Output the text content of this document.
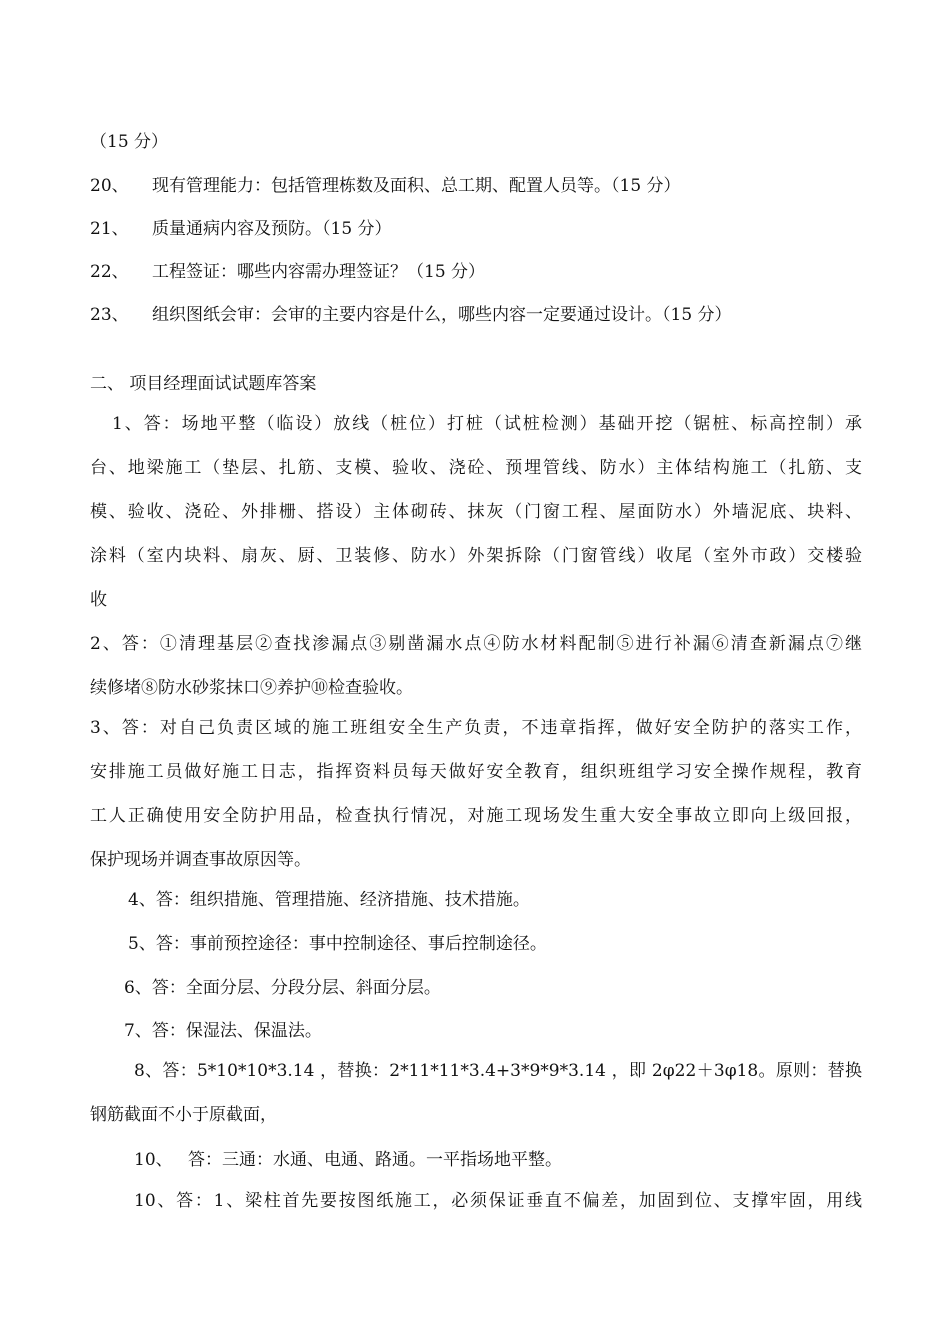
（15 分）
20、 现有管理能力：包括管理栋数及面积、总工期、配置人员等。（15 分）
21、 质量通病内容及预防。（15 分）
22、 工程签证：哪些内容需办理签证？（15 分）
23、 组织图纸会审：会审的主要内容是什么，哪些内容一定要通过设计。（15 分）
二、 项目经理面试试题库答案
1、答：场地平整（临设）放线（桩位）打桩（试桩检测）基础开挖（锯桩、标高控制）承
台、地梁施工（垫层、扎筋、支模、验收、浇砼、预埋管线、防水）主体结构施工（扎筋、支
模、验收、浇砼、外排栅、搭设）主体砌砖、抹灰（门窗工程、屋面防水）外墙泥底、块料、
涂料（室内块料、扇灰、厨、卫装修、防水）外架拆除（门窗管线）收尾（室外市政）交楼验
收
2、答：①清理基层②查找渗漏点③剔凿漏水点④防水材料配制⑤进行补漏⑥清查新漏点⑦继
续修堵⑧防水砂浆抹口⑨养护⑩检查验收。
3、答：对自己负责区域的施工班组安全生产负责，不违章指挥，做好安全防护的落实工作，
安排施工员做好施工日志，指挥资料员每天做好安全教育，组织班组学习安全操作规程，教育
工人正确使用安全防护用品，检查执行情况，对施工现场发生重大安全事故立即向上级回报，
保护现场并调查事故原因等。
4、答：组织措施、管理措施、经济措施、技术措施。
5、答：事前预控途径：事中控制途径、事后控制途径。
6、答：全面分层、分段分层、斜面分层。
7、答：保湿法、保温法。
8、答：5*10*10*3.14 ，替换：2*11*11*3.4+3*9*9*3.14 ，即 2φ22＋3φ18。原则：替换
钢筋截面不小于原截面，
10、 答：三通：水通、电通、路通。一平指场地平整。
10、答：1、梁柱首先要按图纸施工，必须保证垂直不偏差，加固到位、支撑牢固，用线
